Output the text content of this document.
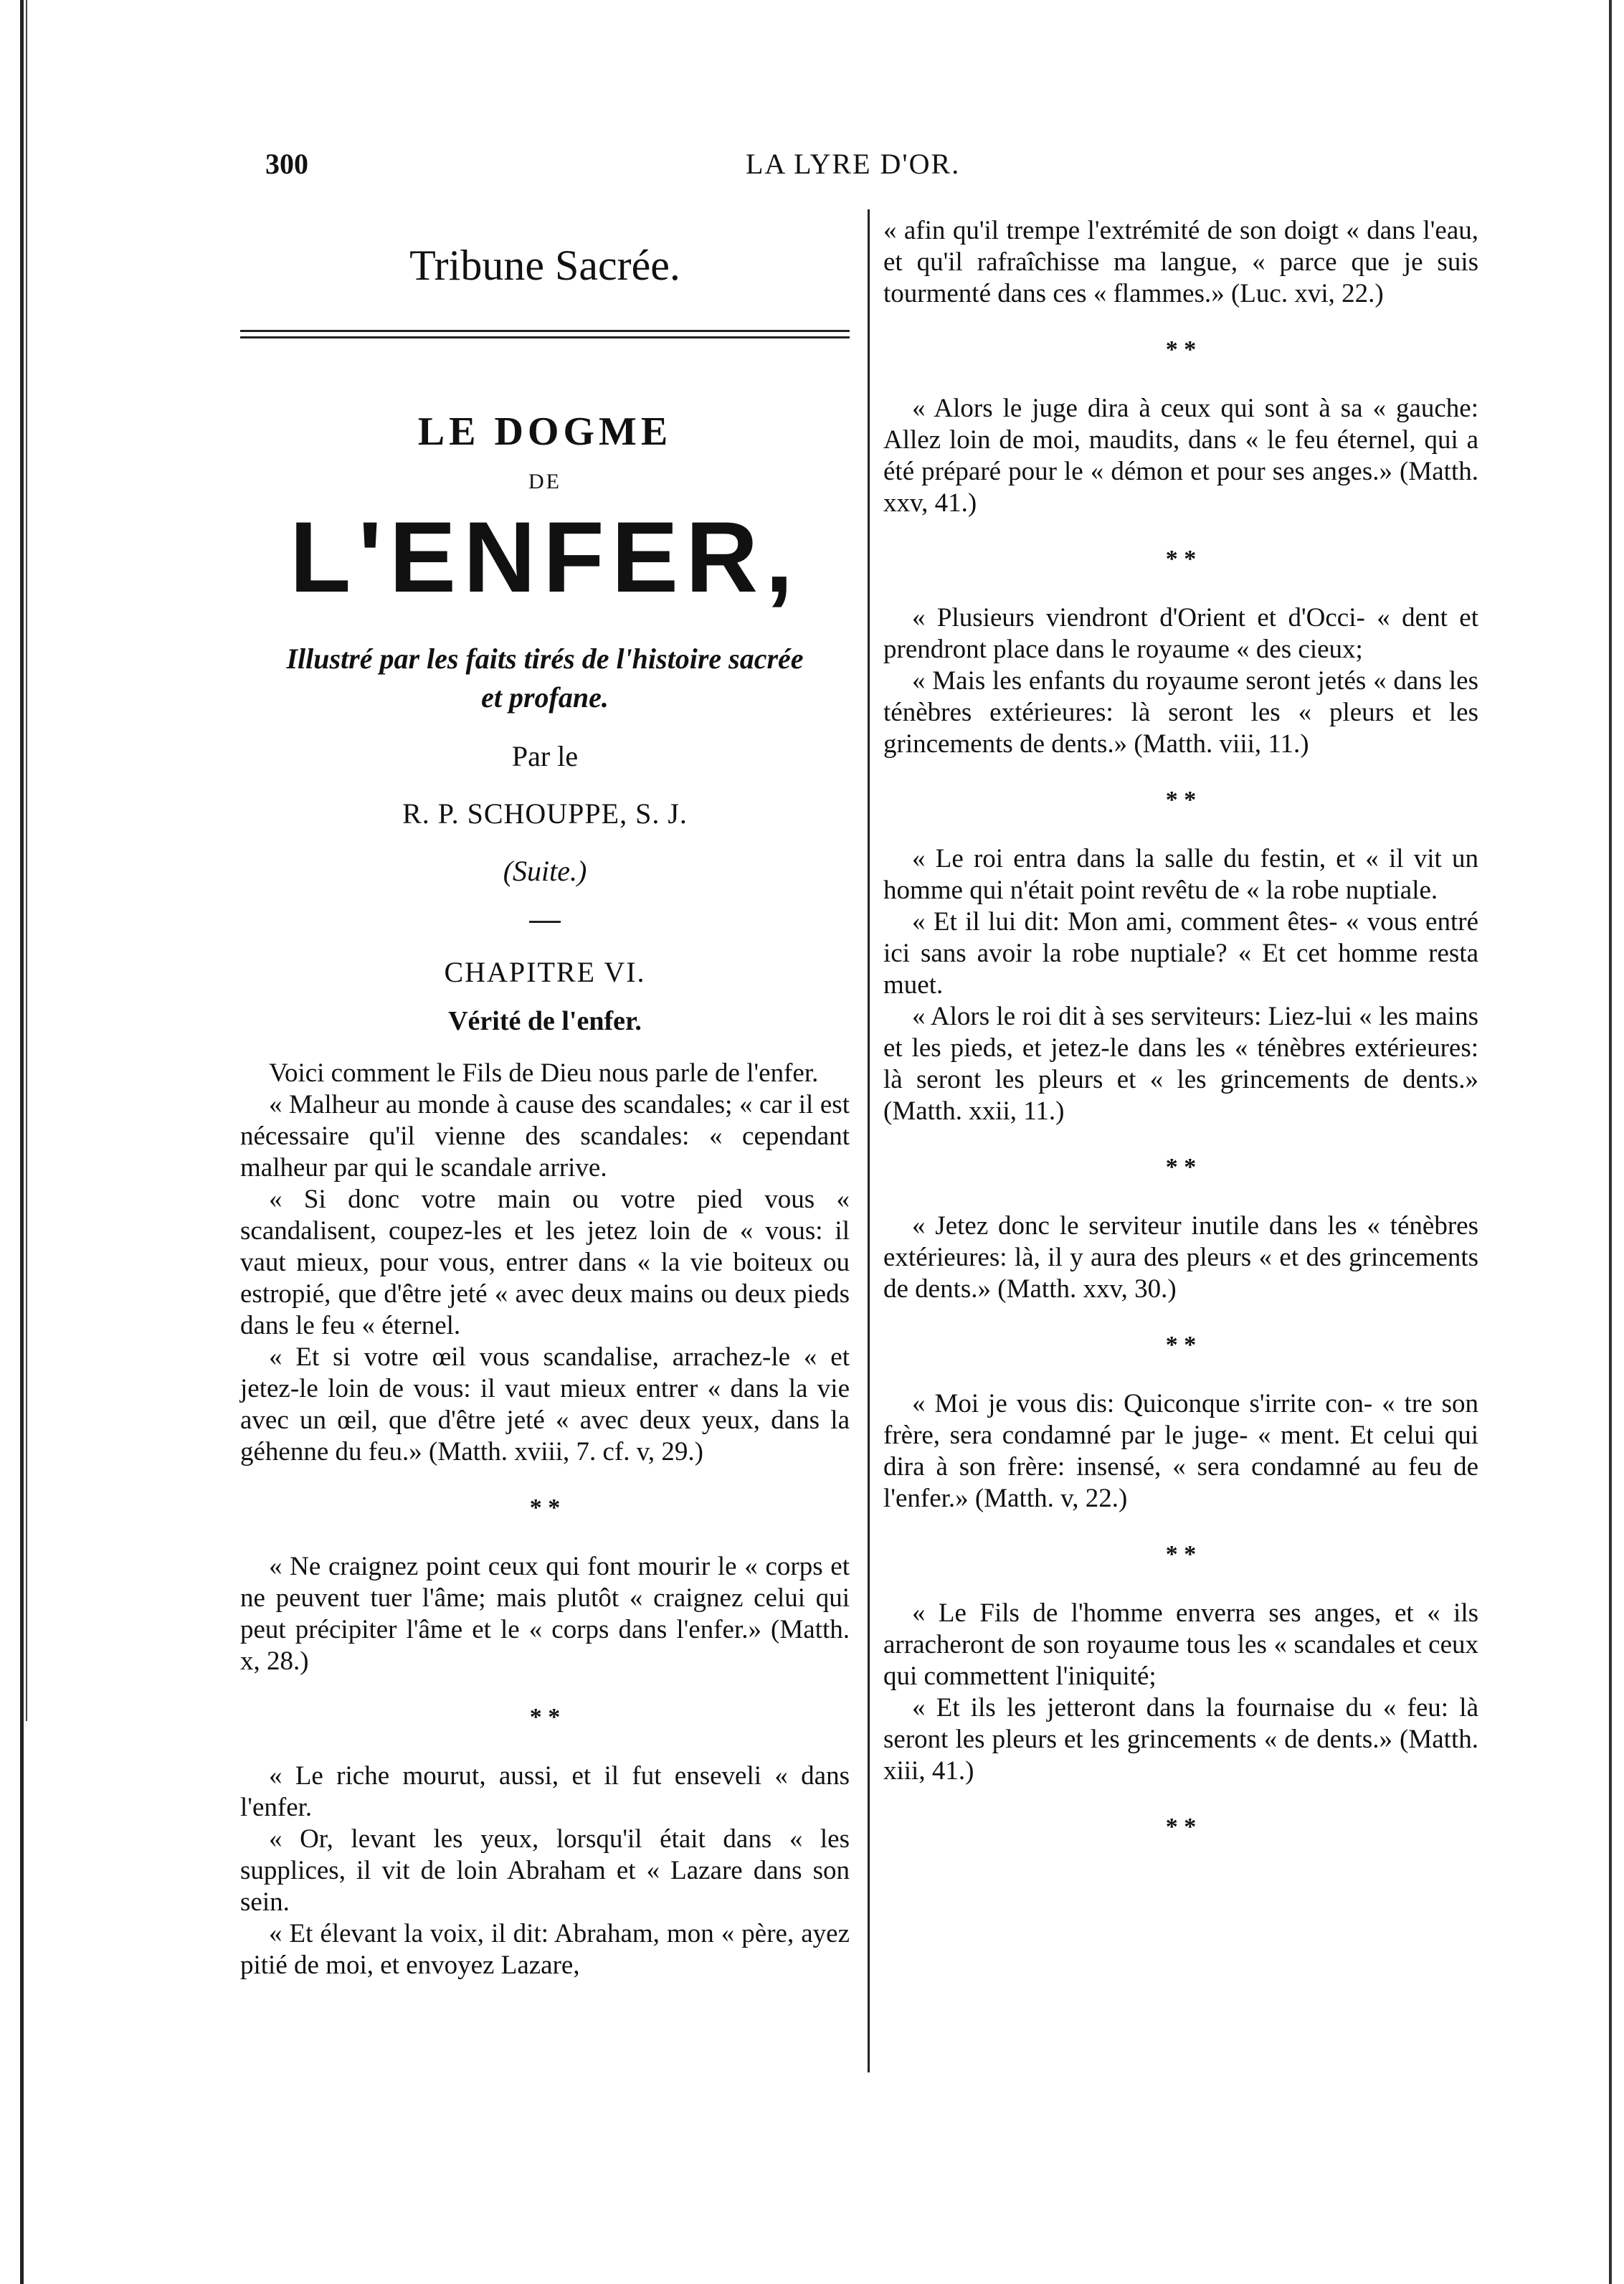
300	LA LYRE D'OR.
Tribune Sacrée.
LE DOGME
DE
L'ENFER,
Illustré par les faits tirés de l'histoire sacrée
et profane.
Par le
R. P. SCHOUPPE, S. J.
(Suite.)
CHAPITRE VI.
Vérité de l'enfer.

Voici comment le Fils de Dieu nous parle de l'enfer.

« Malheur au monde à cause des scandales; « car il est nécessaire qu'il vienne des scandales: « cependant malheur par qui le scandale arrive.

« Si donc votre main ou votre pied vous « scandalisent, coupez-les et les jetez loin de « vous: il vaut mieux, pour vous, entrer dans « la vie boiteux ou estropié, que d'être jeté « avec deux mains ou deux pieds dans le feu « éternel.

« Et si votre œil vous scandalise, arrachez-le « et jetez-le loin de vous: il vaut mieux entrer « dans la vie avec un œil, que d'être jeté « avec deux yeux, dans la géhenne du feu.» (Matth. xviii, 7. cf. v, 29.)

* *

« Ne craignez point ceux qui font mourir le « corps et ne peuvent tuer l'âme; mais plutôt « craignez celui qui peut précipiter l'âme et le « corps dans l'enfer.» (Matth. x, 28.)

* *

« Le riche mourut, aussi, et il fut enseveli « dans l'enfer.

« Or, levant les yeux, lorsqu'il était dans « les supplices, il vit de loin Abraham et « Lazare dans son sein.

« Et élevant la voix, il dit: Abraham, mon « père, ayez pitié de moi, et envoyez Lazare,

« afin qu'il trempe l'extrémité de son doigt « dans l'eau, et qu'il rafraîchisse ma langue, « parce que je suis tourmenté dans ces « flammes.» (Luc. xvi, 22.)

* *

« Alors le juge dira à ceux qui sont à sa « gauche: Allez loin de moi, maudits, dans « le feu éternel, qui a été préparé pour le « démon et pour ses anges.» (Matth. xxv, 41.)

* *

« Plusieurs viendront d'Orient et d'Occi- « dent et prendront place dans le royaume « des cieux;

« Mais les enfants du royaume seront jetés « dans les ténèbres extérieures: là seront les « pleurs et les grincements de dents.» (Matth. viii, 11.)

* *

« Le roi entra dans la salle du festin, et « il vit un homme qui n'était point revêtu de « la robe nuptiale.

« Et il lui dit: Mon ami, comment êtes- « vous entré ici sans avoir la robe nuptiale? « Et cet homme resta muet.

« Alors le roi dit à ses serviteurs: Liez-lui « les mains et les pieds, et jetez-le dans les « ténèbres extérieures: là seront les pleurs et « les grincements de dents.» (Matth. xxii, 11.)

* *

« Jetez donc le serviteur inutile dans les « ténèbres extérieures: là, il y aura des pleurs « et des grincements de dents.» (Matth. xxv, 30.)

* *

« Moi je vous dis: Quiconque s'irrite con- « tre son frère, sera condamné par le juge- « ment. Et celui qui dira à son frère: insensé, « sera condamné au feu de l'enfer.» (Matth. v, 22.)

* *

« Le Fils de l'homme enverra ses anges, et « ils arracheront de son royaume tous les « scandales et ceux qui commettent l'iniquité;

« Et ils les jetteront dans la fournaise du « feu: là seront les pleurs et les grincements « de dents.» (Matth. xiii, 41.)

* *
